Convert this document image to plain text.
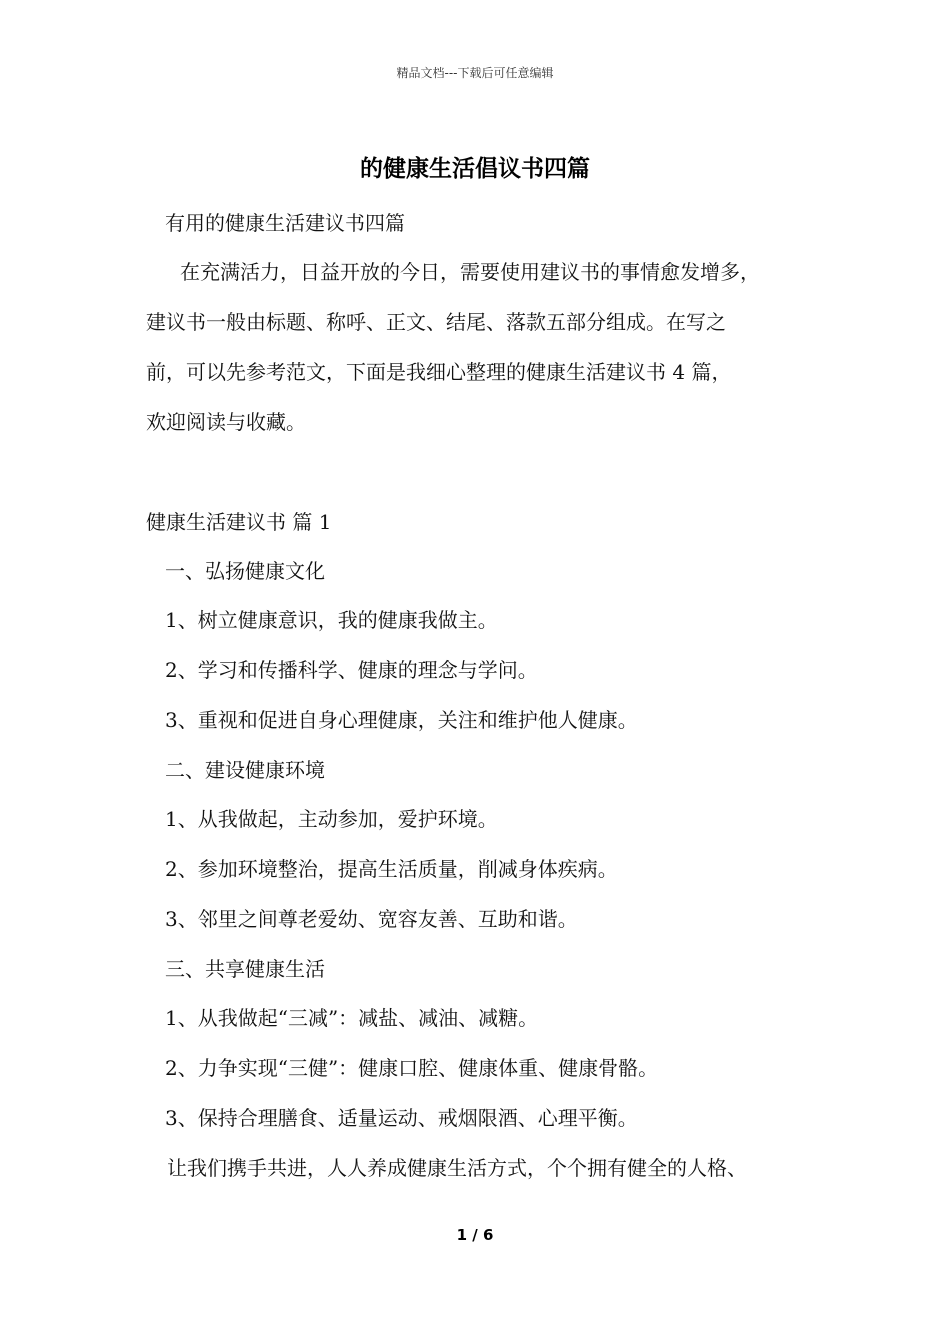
精品文档---下载后可任意编辑
的健康生活倡议书四篇
有用的健康生活建议书四篇
在充满活力，日益开放的今日，需要使用建议书的事情愈发增多，
建议书一般由标题、称呼、正文、结尾、落款五部分组成。在写之
前，可以先参考范文，下面是我细心整理的健康生活建议书 4 篇，
欢迎阅读与收藏。
健康生活建议书 篇 1
一、弘扬健康文化
1、树立健康意识，我的健康我做主。
2、学习和传播科学、健康的理念与学问。
3、重视和促进自身心理健康，关注和维护他人健康。
二、建设健康环境
1、从我做起，主动参加，爱护环境。
2、参加环境整治，提高生活质量，削减身体疾病。
3、邻里之间尊老爱幼、宽容友善、互助和谐。
三、共享健康生活
1、从我做起“三减”：减盐、减油、减糖。
2、力争实现“三健”：健康口腔、健康体重、健康骨骼。
3、保持合理膳食、适量运动、戒烟限酒、心理平衡。
让我们携手共进，人人养成健康生活方式，个个拥有健全的人格、
1 / 6
